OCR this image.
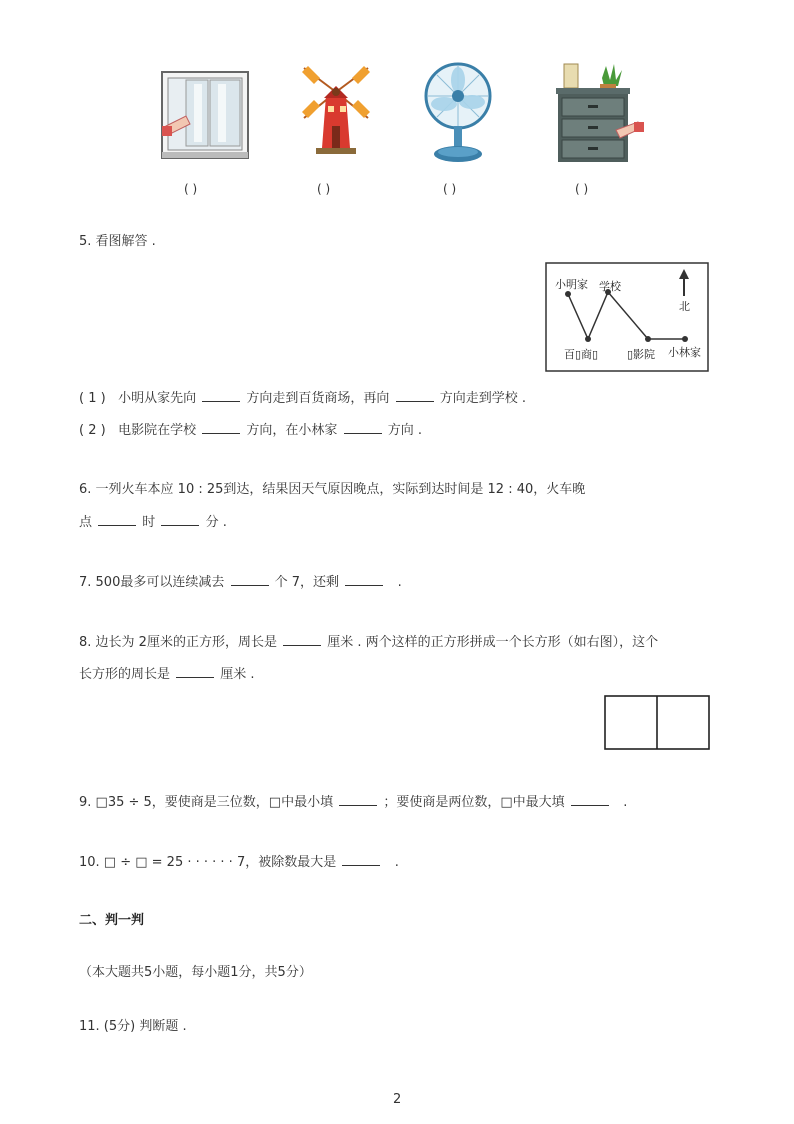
( )	( )	( )	( )
5. 看图解答 .
小明家 学校
北
百▯商▯	▯影院 小林家
( 1 ) 小明从家先向	方向走到百货商场，再向	方向走到学校 .
( 2 ) 电影院在学校	方向，在小林家	方向 .
6. 一列火车本应 10 : 25到达，结果因天气原因晚点，实际到达时间是 12 : 40，火车晚
点	时	分 .
7. 500最多可以连续减去	个 7，还剩	.
8. 边长为 2厘米的正方形，周长是	厘米 . 两个这样的正方形拼成一个长方形（如右图），这个
长方形的周长是	厘米 .
9. □35 ÷ 5，要使商是三位数，□中最小填	；要使商是两位数，□中最大填	.
10. □ ÷ □ = 25 · · · · · · 7，被除数最大是	.
二、判一判
（本大题共5小题，每小题1分，共5分）
11. (5分) 判断题 .
2
